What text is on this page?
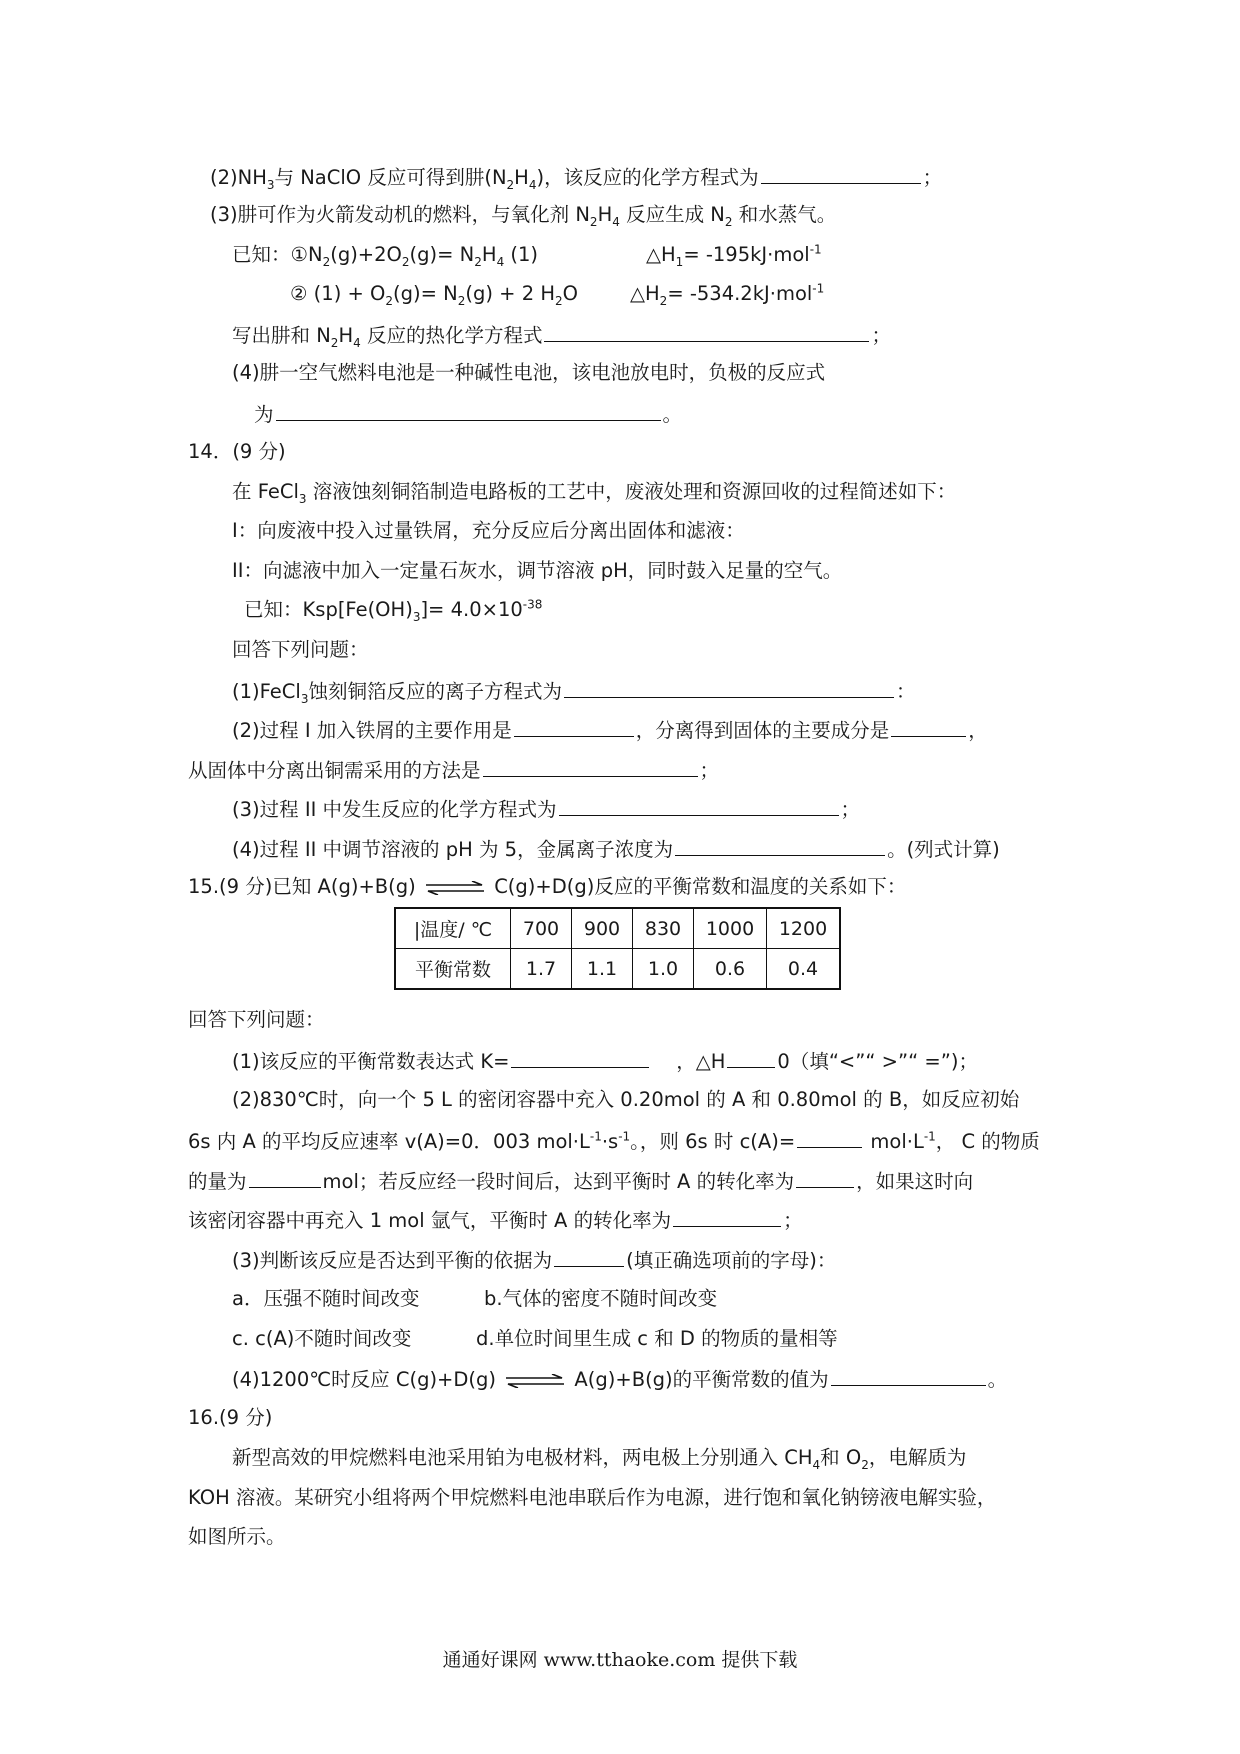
$(2)NH_3$与 NaClO 反应可得到肼$(N_2H_4)$，该反应的化学方程式为	；
(3)肼可作为火箭发动机的燃料，与氧化剂 $N_2H_4$ 反应生成 $N_2$ 和水蒸气。
已知：$①N_2(g)+2O_2(g)= N_2H_4$ (1)	$\triangle H_1= -195kJ\cdot mol^{-1}$
② $(1) + O_2(g)= N_2(g) + 2$ $H_2O$	$\triangle H_2= -534.2kJ\cdot mol^{-1}$
写出肼和 $N_2H_4$ 反应的热化学方程式	；
(4)肼一空气燃料电池是一种碱性电池，该电池放电时，负极的反应式
为	。
14．(9 分)
在 FeCl$_3$ 溶液蚀刻铜箔制造电路板的工艺中，废液处理和资源回收的过程简述如下：
I：向废液中投入过量铁屑，充分反应后分离出固体和滤液：
II：向滤液中加入一定量石灰水，调节溶液 pH，同时鼓入足量的空气。
已知：$Ksp[Fe(OH)_3]= 4.0\times 10^{-38}$
回答下列问题：
(1)FeCl$_3$蚀刻铜箔反应的离子方程式为	：
(2)过程 I 加入铁屑的主要作用是	，分离得到固体的主要成分是	，
从固体中分离出铜需采用的方法是	；
(3)过程 II 中发生反应的化学方程式为	；
(4)过程 II 中调节溶液的 pH 为 5，金属离子浓度为	。(列式计算)
15.(9 分)已知 A(g)+B(g) ⇌ C(g)+D(g)反应的平衡常数和温度的关系如下：
|温度/ ℃	700	900	830	1000	1200
平衡常数	1.7	1.1	1.0	0.6	0.4
回答下列问题：
(1)该反应的平衡常数表达式 K=	，△H	0（填“<”“ >”“ =”)；
(2)830℃时，向一个 5 L 的密闭容器中充入 0.20mol 的 A 和 0.80mol 的 B，如反应初始
6s 内 A 的平均反应速率 v(A)=0．003 $mol\cdot L^{-1}\cdot s^{-1}$。，则 6s 时 c(A)=	$mol\cdot L^{-1}$， C 的物质
的量为	mol；若反应经一段时间后，达到平衡时 A 的转化率为	，如果这时向
该密闭容器中再充入 1 mol 氩气，平衡时 A 的转化率为	；
(3)判断该反应是否达到平衡的依据为	(填正确选项前的字母)：
a．压强不随时间改变	b.气体的密度不随时间改变
c. c(A)不随时间改变	d.单位时间里生成 c 和 D 的物质的量相等
(4)1200℃时反应 C(g)+D(g) ⇌ A(g)+B(g)的平衡常数的值为	。
16.(9 分)
新型高效的甲烷燃料电池采用铂为电极材料，两电极上分别通入 $CH_4$和 $O_2$，电解质为
KOH 溶液。某研究小组将两个甲烷燃料电池串联后作为电源，进行饱和氧化钠镑液电解实验，
如图所示。
通通好课网 www.tthaoke.com 提供下载
